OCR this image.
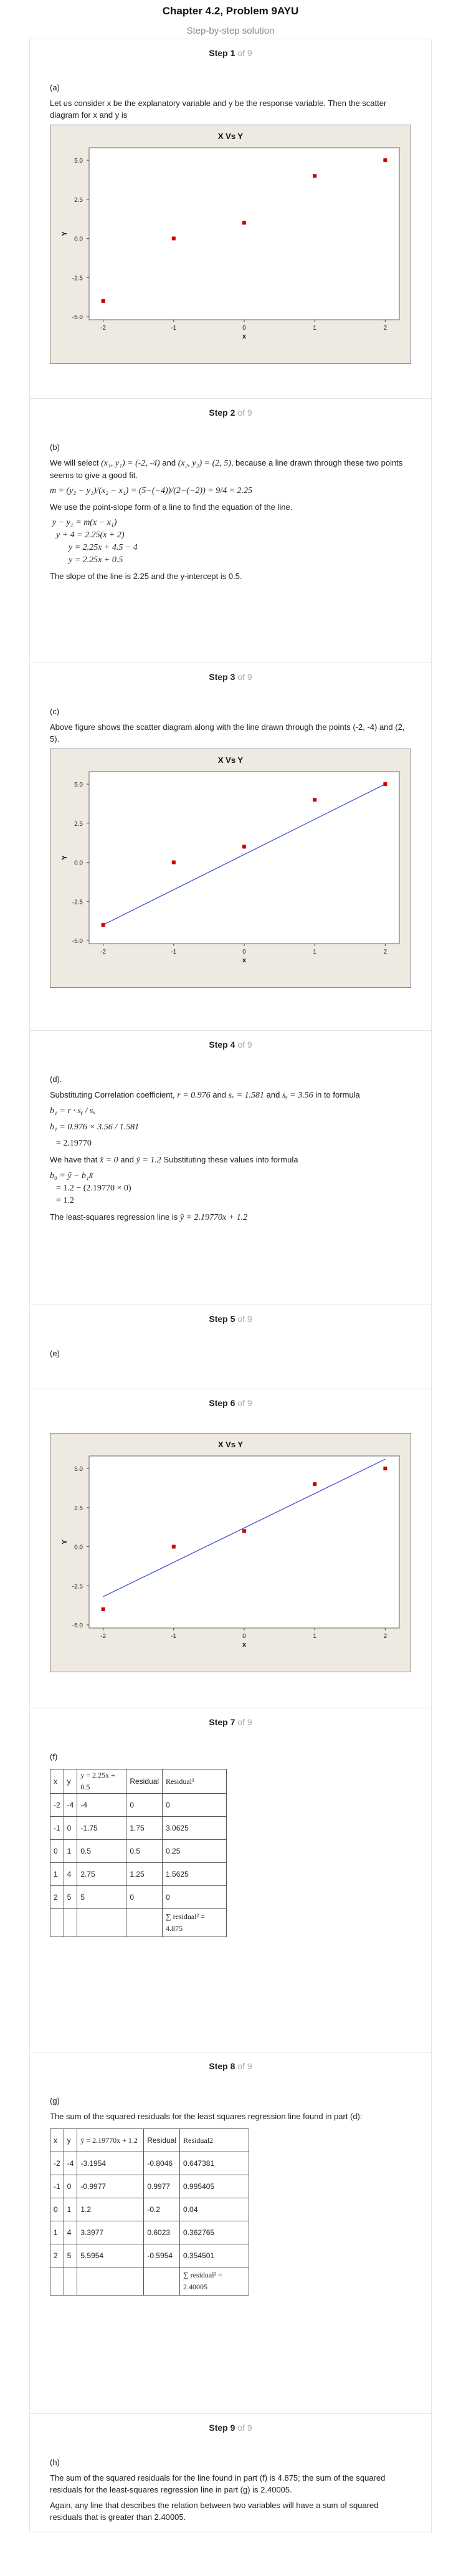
Chapter 4.2, Problem 9AYU
Step-by-step solution
Step 1 of 9
(a)
Let us consider x be the explanatory variable and y be the response variable. Then the scatter diagram for x and y is
X Vs Y
5.0
2.5
0.0
-2.5
-5.0
-2	-1	0	1	2
x
Y
Step 2 of 9
(b)
We will select (x₁, y₁) = (-2, -4) and (x₂, y₂) = (2, 5), because a line drawn through these two points seems to give a good fit.
m = (y₂ − y₁)/(x₂ − x₁) = (5−(−4))/(2−(−2)) = 9/4 = 2.25
We use the point-slope form of a line to find the equation of the line.
y − y₁ = m(x − x₁)
y + 4 = 2.25(x + 2)
y = 2.25x + 4.5 − 4
y = 2.25x + 0.5
The slope of the line is 2.25 and the y-intercept is 0.5.
Step 3 of 9
(c)
Above figure shows the scatter diagram along with the line drawn through the points (-2, -4) and (2, 5).
X Vs Y
5.0
2.5
0.0
-2.5
-5.0
-2	-1	0	1	2
x
Y
Step 4 of 9
(d).
Substituting Correlation coefficient, r = 0.976 and sₓ = 1.581 and sᵧ = 3.56 in to formula
b₁ = r · sᵧ / sₓ
b₁ = 0.976 × 3.56 / 1.581
= 2.19770
We have that x̄ = 0 and ȳ = 1.2 Substituting these values into formula
b₀ = ȳ − b₁x̄
= 1.2 − (2.19770 × 0)
= 1.2
The least-squares regression line is ŷ = 2.19770x + 1.2
Step 5 of 9
(e)
Step 6 of 9
X Vs Y
5.0
2.5
0.0
-2.5
-5.0
-2	-1	0	1	2
x
Y
Step 7 of 9
(f)
x	y	y = 2.25x + 0.5	Residual	Residual²
-2	-4	-4	0	0
-1	0	-1.75	1.75	3.0625
0	1	0.5	0.5	0.25
1	4	2.75	1.25	1.5625
2	5	5	0	0
				∑ residual² = 4.875
Step 8 of 9
(g)
The sum of the squared residuals for the least squares regression line found in part (d):
x	y	ŷ = 2.19770x + 1.2	Residual	Residual2
-2	-4	-3.1954	-0.8046	0.647381
-1	0	-0.9977	0.9977	0.995405
0	1	1.2	-0.2	0.04
1	4	3.3977	0.6023	0.362765
2	5	5.5954	-0.5954	0.354501
				∑ residual² = 2.40005
Step 9 of 9
(h)
The sum of the squared residuals for the line found in part (f) is 4.875; the sum of the squared residuals for the least-squares regression line in part (g) is 2.40005.
Again, any line that describes the relation between two variables will have a sum of squared residuals that is greater than 2.40005.
